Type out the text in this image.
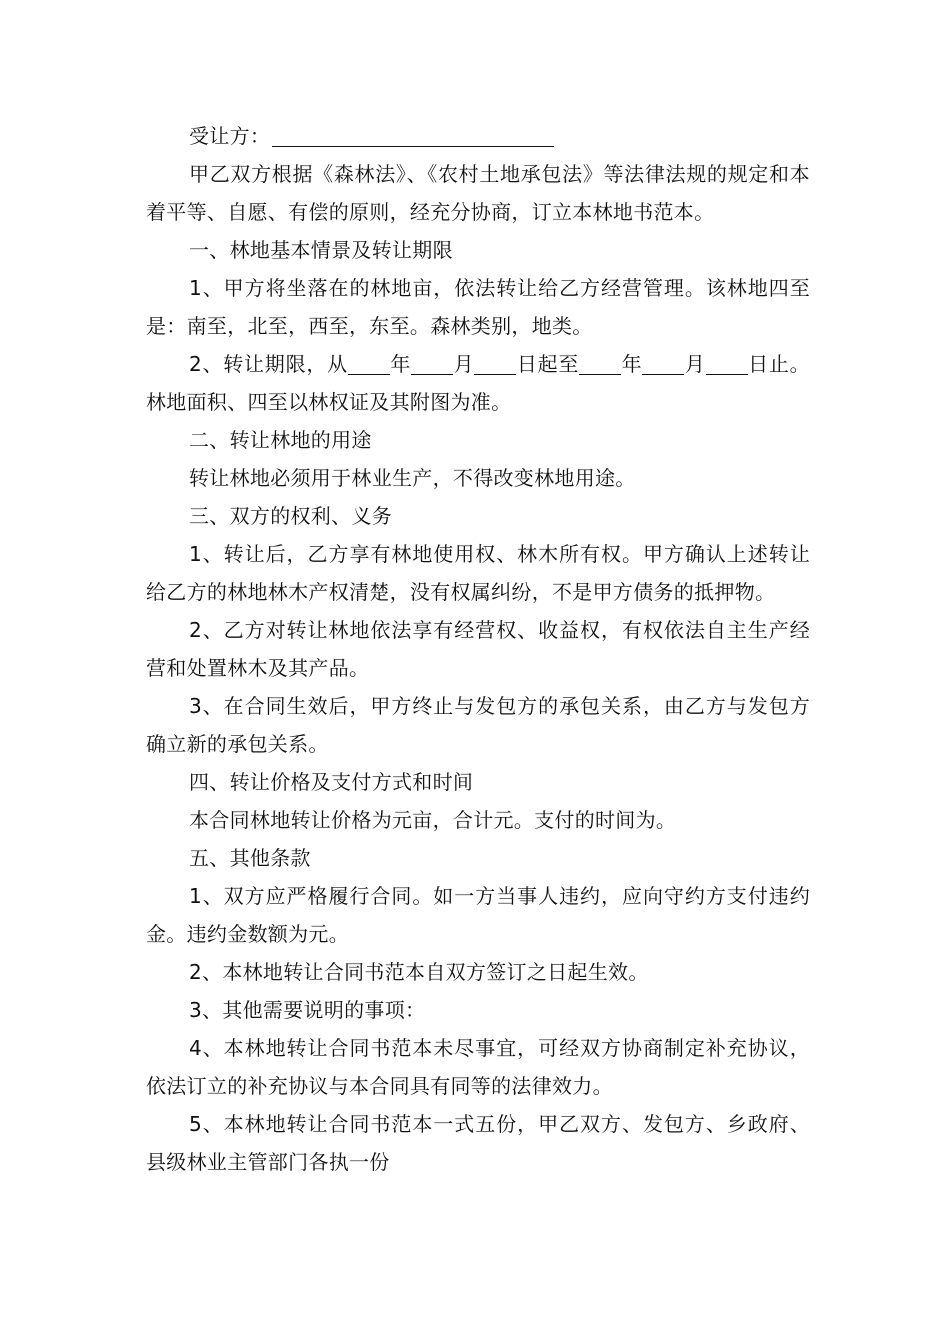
受让方：

甲乙双方根据《森林法》、《农村土地承包法》等法律法规的规定和本着平等、自愿、有偿的原则，经充分协商，订立本林地书范本。

一、林地基本情景及转让期限

1、甲方将坐落在的林地亩，依法转让给乙方经营管理。该林地四至是：南至，北至，西至，东至。森林类别，地类。

2、转让期限，从 年 月 日起至 年 月 日止。林地面积、四至以林权证及其附图为准。

二、转让林地的用途

转让林地必须用于林业生产，不得改变林地用途。

三、双方的权利、义务

1、转让后，乙方享有林地使用权、林木所有权。甲方确认上述转让给乙方的林地林木产权清楚，没有权属纠纷，不是甲方债务的抵押物。

2、乙方对转让林地依法享有经营权、收益权，有权依法自主生产经营和处置林木及其产品。

3、在合同生效后，甲方终止与发包方的承包关系，由乙方与发包方确立新的承包关系。

四、转让价格及支付方式和时间

本合同林地转让价格为元亩，合计元。支付的时间为。

五、其他条款

1、双方应严格履行合同。如一方当事人违约，应向守约方支付违约金。违约金数额为元。

2、本林地转让合同书范本自双方签订之日起生效。

3、其他需要说明的事项：

4、本林地转让合同书范本未尽事宜，可经双方协商制定补充协议，依法订立的补充协议与本合同具有同等的法律效力。

5、本林地转让合同书范本一式五份，甲乙双方、发包方、乡政府、县级林业主管部门各执一份
